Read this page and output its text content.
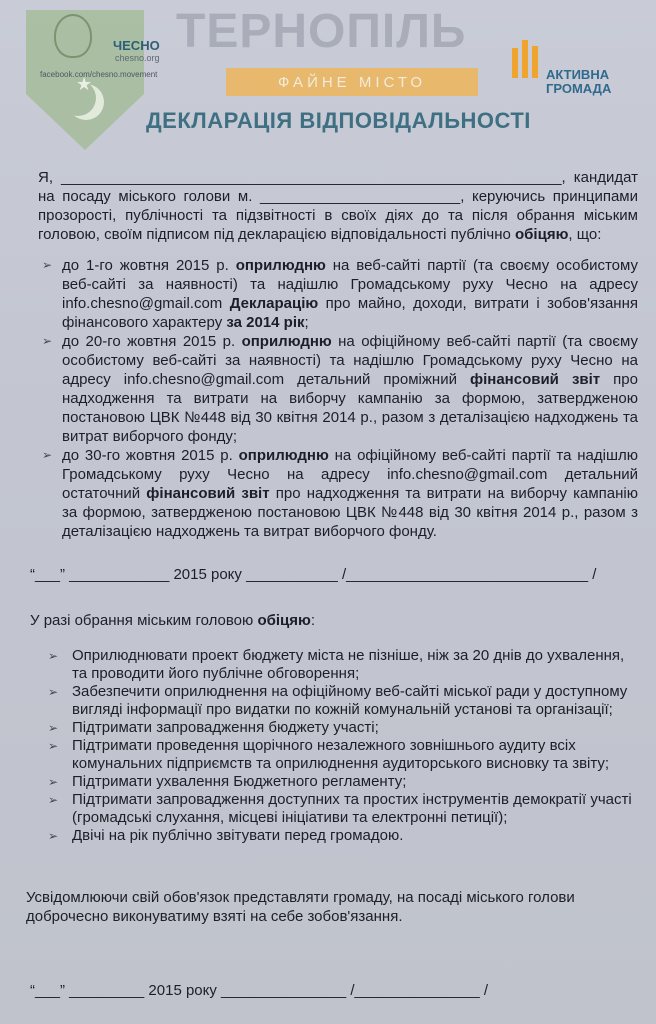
★
ЧЕСНО
chesno.org
facebook.com/chesno.movement
ТЕРНОПІЛЬ
ФАЙНЕ МІСТО	АКТИВНА
ГРОМАДА
ДЕКЛАРАЦІЯ ВІДПОВІДАЛЬНОСТІ
Я, ____________________________________________________________, кандидат на посаду міського голови м. ________________________, керуючись принципами прозорості, публічності та підзвітності в своїх діях до та після обрання міським головою, своїм підписом під декларацією відповідальності публічно обіцяю, що:
➢ до 1-го жовтня 2015 р. оприлюдню на веб-сайті партії (та своєму особистому веб-сайті за наявності) та надішлю Громадському руху Чесно на адресу info.chesno@gmail.com Декларацію про майно, доходи, витрати і зобов'язання фінансового характеру за 2014 рік;
➢ до 20-го жовтня 2015 р. оприлюдню на офіційному веб-сайті партії (та своєму особистому веб-сайті за наявності) та надішлю Громадському руху Чесно на адресу info.chesno@gmail.com детальний проміжний фінансовий звіт про надходження та витрати на виборчу кампанію за формою, затвердженою постановою ЦВК №448 від 30 квітня 2014 р., разом з деталізацією надходжень та витрат виборчого фонду;
➢ до 30-го жовтня 2015 р. оприлюдню на офіційному веб-сайті партії та надішлю Громадському руху Чесно на адресу info.chesno@gmail.com детальний остаточний фінансовий звіт про надходження та витрати на виборчу кампанію за формою, затвердженою постановою ЦВК №448 від 30 квітня 2014 р., разом з деталізацією надходжень та витрат виборчого фонду.
“___” ____________ 2015 року ___________ /_____________________________ /
У разі обрання міським головою обіцяю:
➢ Оприлюднювати проект бюджету міста не пізніше, ніж за 20 днів до ухвалення, та проводити його публічне обговорення;
➢ Забезпечити оприлюднення на офіційному веб-сайті міської ради у доступному вигляді інформації про видатки по кожній комунальній установі та організації;
➢ Підтримати запровадження бюджету участі;
➢ Підтримати проведення щорічного незалежного зовнішнього аудиту всіх комунальних підприємств та оприлюднення аудиторського висновку та звіту;
➢ Підтримати ухвалення Бюджетного регламенту;
➢ Підтримати запровадження доступних та простих інструментів демократії участі (громадські слухання, місцеві ініціативи та електронні петиції);
➢ Двічі на рік публічно звітувати перед громадою.
Усвідомлюючи свій обов'язок представляти громаду, на посаді міського голови доброчесно виконуватиму взяті на себе зобов'язання.
“___” _________ 2015 року _______________ /_______________ /
